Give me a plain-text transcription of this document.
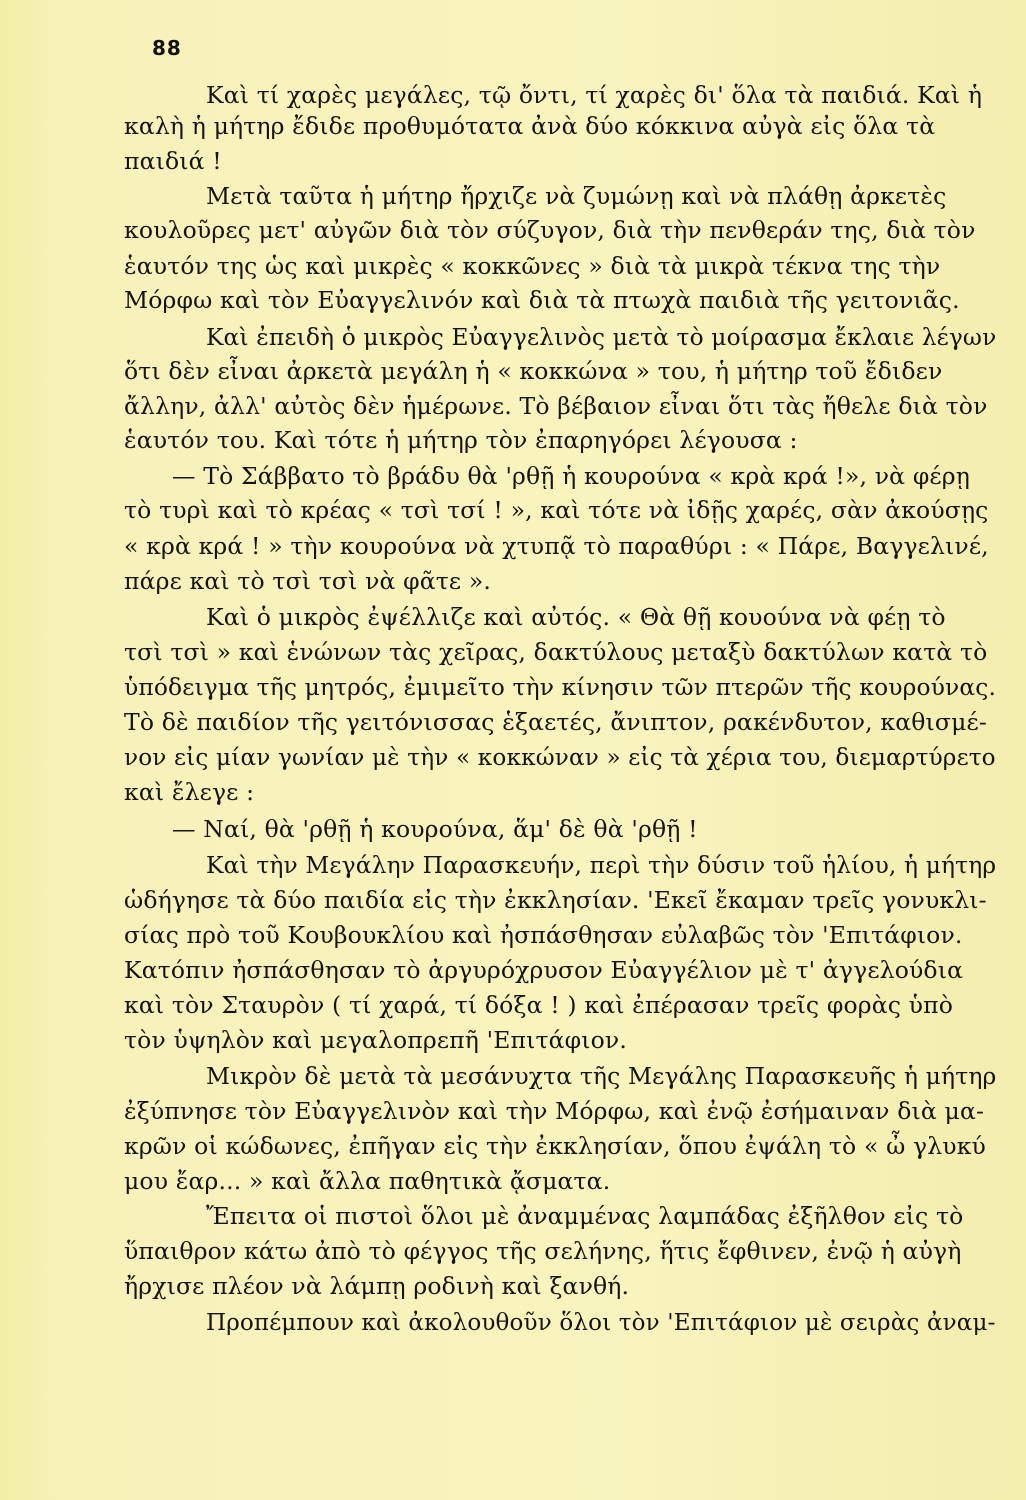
88
Καὶ τί χαρὲς μεγάλες, τῷ ὄντι, τί χαρὲς δι' ὅλα τὰ παιδιά. Καὶ ἡ
καλὴ ἡ μήτηρ ἔδιδε προθυμότατα ἀνὰ δύο κόκκινα αὐγὰ εἰς ὅλα τὰ
παιδιά !
Μετὰ ταῦτα ἡ μήτηρ ἤρχιζε νὰ ζυμώνῃ καὶ νὰ πλάθῃ ἀρκετὲς
κουλοῦρες μετ' αὐγῶν διὰ τὸν σύζυγον, διὰ τὴν πενθεράν της, διὰ τὸν
ἑαυτόν της ὡς καὶ μικρὲς « κοκκῶνες » διὰ τὰ μικρὰ τέκνα της τὴν
Μόρφω καὶ τὸν Εὐαγγελινόν καὶ διὰ τὰ πτωχὰ παιδιὰ τῆς γειτονιᾶς.
Καὶ ἐπειδὴ ὁ μικρὸς Εὐαγγελινὸς μετὰ τὸ μοίρασμα ἔκλαιε λέγων
ὅτι δὲν εἶναι ἀρκετὰ μεγάλη ἡ « κοκκώνα » του, ἡ μήτηρ τοῦ ἔδιδεν
ἄλλην, ἀλλ' αὐτὸς δὲν ἡμέρωνε. Τὸ βέβαιον εἶναι ὅτι τὰς ἤθελε διὰ τὸν
ἑαυτόν του. Καὶ τότε ἡ μήτηρ τὸν ἐπαρηγόρει λέγουσα :
— Τὸ Σάββατο τὸ βράδυ θὰ 'ρθῇ ἡ κουρούνα « κρὰ κρά !», νὰ φέρῃ
τὸ τυρὶ καὶ τὸ κρέας « τσὶ τσί ! », καὶ τότε νὰ ἰδῇς χαρές, σὰν ἀκούσῃς
« κρὰ κρά ! » τὴν κουρούνα νὰ χτυπᾷ τὸ παραθύρι : « Πάρε, Βαγγελινέ,
πάρε καὶ τὸ τσὶ τσὶ νὰ φᾶτε ».
Καὶ ὁ μικρὸς ἐψέλλιζε καὶ αὐτός. « Θὰ θῇ κουούνα νὰ φέῃ τὸ
τσὶ τσὶ » καὶ ἑνώνων τὰς χεῖρας, δακτύλους μεταξὺ δακτύλων κατὰ τὸ
ὑπόδειγμα τῆς μητρός, ἐμιμεῖτο τὴν κίνησιν τῶν πτερῶν τῆς κουρούνας.
Τὸ δὲ παιδίον τῆς γειτόνισσας ἑξαετές, ἄνιπτον, ρακένδυτον, καθισμέ-
νον εἰς μίαν γωνίαν μὲ τὴν « κοκκώναν » εἰς τὰ χέρια του, διεμαρτύρετο
καὶ ἔλεγε :
— Ναί, θὰ 'ρθῇ ἡ κουρούνα, ἅμ' δὲ θὰ 'ρθῇ !
Καὶ τὴν Μεγάλην Παρασκευήν, περὶ τὴν δύσιν τοῦ ἡλίου, ἡ μήτηρ
ὡδήγησε τὰ δύο παιδία εἰς τὴν ἐκκλησίαν. 'Εκεῖ ἔκαμαν τρεῖς γονυκλι-
σίας πρὸ τοῦ Κουβουκλίου καὶ ἠσπάσθησαν εὐλαβῶς τὸν 'Επιτάφιον.
Κατόπιν ἠσπάσθησαν τὸ ἀργυρόχρυσον Εὐαγγέλιον μὲ τ' ἀγγελούδια
καὶ τὸν Σταυρὸν ( τί χαρά, τί δόξα ! ) καὶ ἐπέρασαν τρεῖς φορὰς ὑπὸ
τὸν ὑψηλὸν καὶ μεγαλοπρεπῆ 'Επιτάφιον.
Μικρὸν δὲ μετὰ τὰ μεσάνυχτα τῆς Μεγάλης Παρασκευῆς ἡ μήτηρ
ἐξύπνησε τὸν Εὐαγγελινὸν καὶ τὴν Μόρφω, καὶ ἐνῷ ἐσήμαιναν διὰ μα-
κρῶν οἱ κώδωνες, ἐπῆγαν εἰς τὴν ἐκκλησίαν, ὅπου ἐψάλη τὸ « ὦ γλυκύ
μου ἔαρ... » καὶ ἄλλα παθητικὰ ᾄσματα.
Ἔπειτα οἱ πιστοὶ ὅλοι μὲ ἀναμμένας λαμπάδας ἐξῆλθον εἰς τὸ
ὕπαιθρον κάτω ἀπὸ τὸ φέγγος τῆς σελήνης, ἥτις ἔφθινεν, ἐνῷ ἡ αὐγὴ
ἤρχισε πλέον νὰ λάμπῃ ροδινὴ καὶ ξανθή.
Προπέμπουν καὶ ἀκολουθοῦν ὅλοι τὸν 'Επιτάφιον μὲ σειρὰς ἀναμ-
